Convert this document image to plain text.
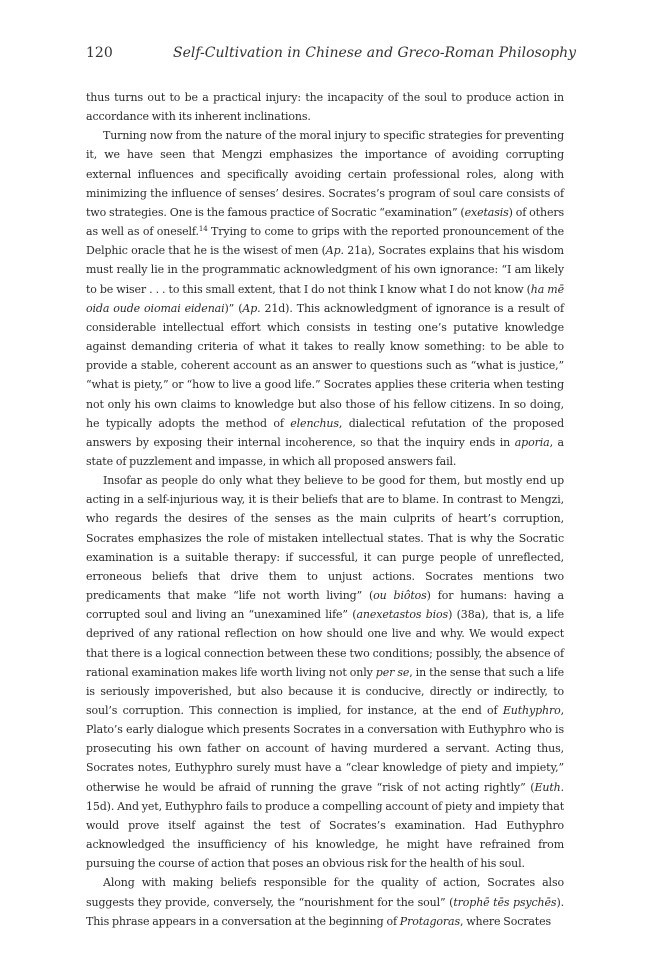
120	Self-Cultivation in Chinese and Greco-Roman Philosophy

thus turns out to be a practical injury: the incapacity of the soul to produce action in accordance with its inherent inclinations.

Turning now from the nature of the moral injury to specific strategies for preventing it, we have seen that Mengzi emphasizes the importance of avoiding corrupting external influences and specifically avoiding certain professional roles, along with minimizing the influence of senses’ desires. Socrates’s program of soul care consists of two strategies. One is the famous practice of Socratic “examination” (exetasis) of others as well as of oneself.$^{14}$ Trying to come to grips with the reported pronouncement of the Delphic oracle that he is the wisest of men (Ap. 21a), Socrates explains that his wisdom must really lie in the programmatic acknowledgment of his own ignorance: “I am likely to be wiser . . . to this small extent, that I do not think I know what I do not know (ha mē oida oude oiomai eidenai)” (Ap. 21d). This acknowledgment of ignorance is a result of considerable intellectual effort which consists in testing one’s putative knowledge against demanding criteria of what it takes to really know something: to be able to provide a stable, coherent account as an answer to questions such as “what is justice,” “what is piety,” or “how to live a good life.” Socrates applies these criteria when testing not only his own claims to knowledge but also those of his fellow citizens. In so doing, he typically adopts the method of elenchus, dialectical refutation of the proposed answers by exposing their internal incoherence, so that the inquiry ends in aporia, a state of puzzlement and impasse, in which all proposed answers fail.

Insofar as people do only what they believe to be good for them, but mostly end up acting in a self-injurious way, it is their beliefs that are to blame. In contrast to Mengzi, who regards the desires of the senses as the main culprits of heart’s corruption, Socrates emphasizes the role of mistaken intellectual states. That is why the Socratic examination is a suitable therapy: if successful, it can purge people of unreflected, erroneous beliefs that drive them to unjust actions. Socrates mentions two predicaments that make “life not worth living” (ou biôtos) for humans: having a corrupted soul and living an “unexamined life” (anexetastos bios) (38a), that is, a life deprived of any rational reflection on how should one live and why. We would expect that there is a logical connection between these two conditions; possibly, the absence of rational examination makes life worth living not only per se, in the sense that such a life is seriously impoverished, but also because it is conducive, directly or indirectly, to soul’s corruption. This connection is implied, for instance, at the end of Euthyphro, Plato’s early dialogue which presents Socrates in a conversation with Euthyphro who is prosecuting his own father on account of having murdered a servant. Acting thus, Socrates notes, Euthyphro surely must have a “clear knowledge of piety and impiety,” otherwise he would be afraid of running the grave “risk of not acting rightly” (Euth. 15d). And yet, Euthyphro fails to produce a compelling account of piety and impiety that would prove itself against the test of Socrates’s examination. Had Euthyphro acknowledged the insufficiency of his knowledge, he might have refrained from pursuing the course of action that poses an obvious risk for the health of his soul.

Along with making beliefs responsible for the quality of action, Socrates also suggests they provide, conversely, the “nourishment for the soul” (trophē tēs psychēs). This phrase appears in a conversation at the beginning of Protagoras, where Socrates
